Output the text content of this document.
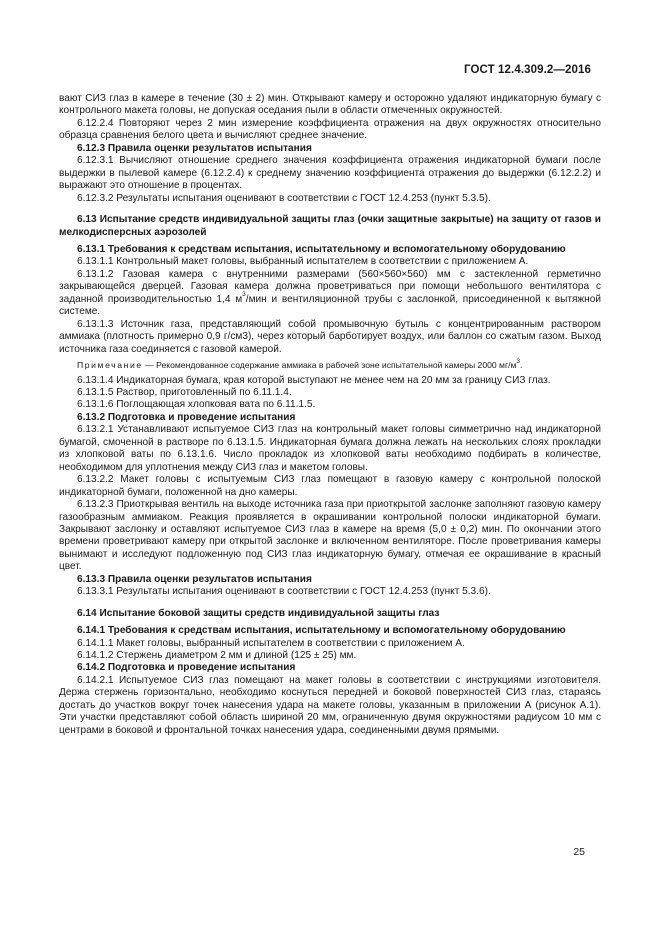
ГОСТ 12.4.309.2—2016

вают СИЗ глаз в камере в течение (30 ± 2) мин. Открывают камеру и осторожно удаляют индикаторную бумагу с контрольного макета головы, не допуская оседания пыли в области отмеченных окружностей.

6.12.2.4 Повторяют через 2 мин измерение коэффициента отражения на двух окружностях относительно образца сравнения белого цвета и вычисляют среднее значение.

6.12.3 Правила оценки результатов испытания

6.12.3.1 Вычисляют отношение среднего значения коэффициента отражения индикаторной бумаги после выдержки в пылевой камере (6.12.2.4) к среднему значению коэффициента отражения до выдержки (6.12.2.2) и выражают это отношение в процентах.

6.12.3.2 Результаты испытания оценивают в соответствии с ГОСТ 12.4.253 (пункт 5.3.5).

6.13 Испытание средств индивидуальной защиты глаз (очки защитные закрытые) на защиту от газов и мелкодисперсных аэрозолей

6.13.1 Требования к средствам испытания, испытательному и вспомогательному оборудованию

6.13.1.1 Контрольный макет головы, выбранный испытателем в соответствии с приложением А.

6.13.1.2 Газовая камера с внутренними размерами (560×560×560) мм с застекленной герметично закрывающейся дверцей. Газовая камера должна проветриваться при помощи небольшого вентилятора с заданной производительностью 1,4 $м^3$/мин и вентиляционной трубы с заслонкой, присоединенной к вытяжной системе.

6.13.1.3 Источник газа, представляющий собой промывочную бутыль с концентрированным раствором аммиака (плотность примерно 0,9 г/см3), через который барботирует воздух, или баллон со сжатым газом. Выход источника газа соединяется с газовой камерой.

Примечание — Рекомендованное содержание аммиака в рабочей зоне испытательной камеры 2000 $мг/м^3$.

6.13.1.4 Индикаторная бумага, края которой выступают не менее чем на 20 мм за границу СИЗ глаз.

6.13.1.5 Раствор, приготовленный по 6.11.1.4.

6.13.1.6 Поглощающая хлопковая вата по 6.11.1.5.

6.13.2 Подготовка и проведение испытания

6.13.2.1 Устанавливают испытуемое СИЗ глаз на контрольный макет головы симметрично над индикаторной бумагой, смоченной в растворе по 6.13.1.5. Индикаторная бумага должна лежать на нескольких слоях прокладки из хлопковой ваты по 6.13.1.6. Число прокладок из хлопковой ваты необходимо подбирать в количестве, необходимом для уплотнения между СИЗ глаз и макетом головы.

6.13.2.2 Макет головы с испытуемым СИЗ глаз помещают в газовую камеру с контрольной полоской индикаторной бумаги, положенной на дно камеры.

6.13.2.3 Приоткрывая вентиль на выходе источника газа при приоткрытой заслонке заполняют газовую камеру газообразным аммиаком. Реакция проявляется в окрашивании контрольной полоски индикаторной бумаги. Закрывают заслонку и оставляют испытуемое СИЗ глаз в камере на время (5,0 ± 0,2) мин. По окончании этого времени проветривают камеру при открытой заслонке и включенном вентиляторе. После проветривания камеры вынимают и исследуют подложенную под СИЗ глаз индикаторную бумагу, отмечая ее окрашивание в красный цвет.

6.13.3 Правила оценки результатов испытания

6.13.3.1 Результаты испытания оценивают в соответствии с ГОСТ 12.4.253 (пункт 5.3.6).

6.14 Испытание боковой защиты средств индивидуальной защиты глаз

6.14.1 Требования к средствам испытания, испытательному и вспомогательному оборудованию

6.14.1.1 Макет головы, выбранный испытателем в соответствии с приложением А.

6.14.1.2 Стержень диаметром 2 мм и длиной (125 ± 25) мм.

6.14.2 Подготовка и проведение испытания

6.14.2.1 Испытуемое СИЗ глаз помещают на макет головы в соответствии с инструкциями изготовителя. Держа стержень горизонтально, необходимо коснуться передней и боковой поверхностей СИЗ глаз, стараясь достать до участков вокруг точек нанесения удара на макете головы, указанным в приложении А (рисунок А.1). Эти участки представляют собой область шириной 20 мм, ограниченную двумя окружностями радиусом 10 мм с центрами в боковой и фронтальной точках нанесения удара, соединенными двумя прямыми.

25
